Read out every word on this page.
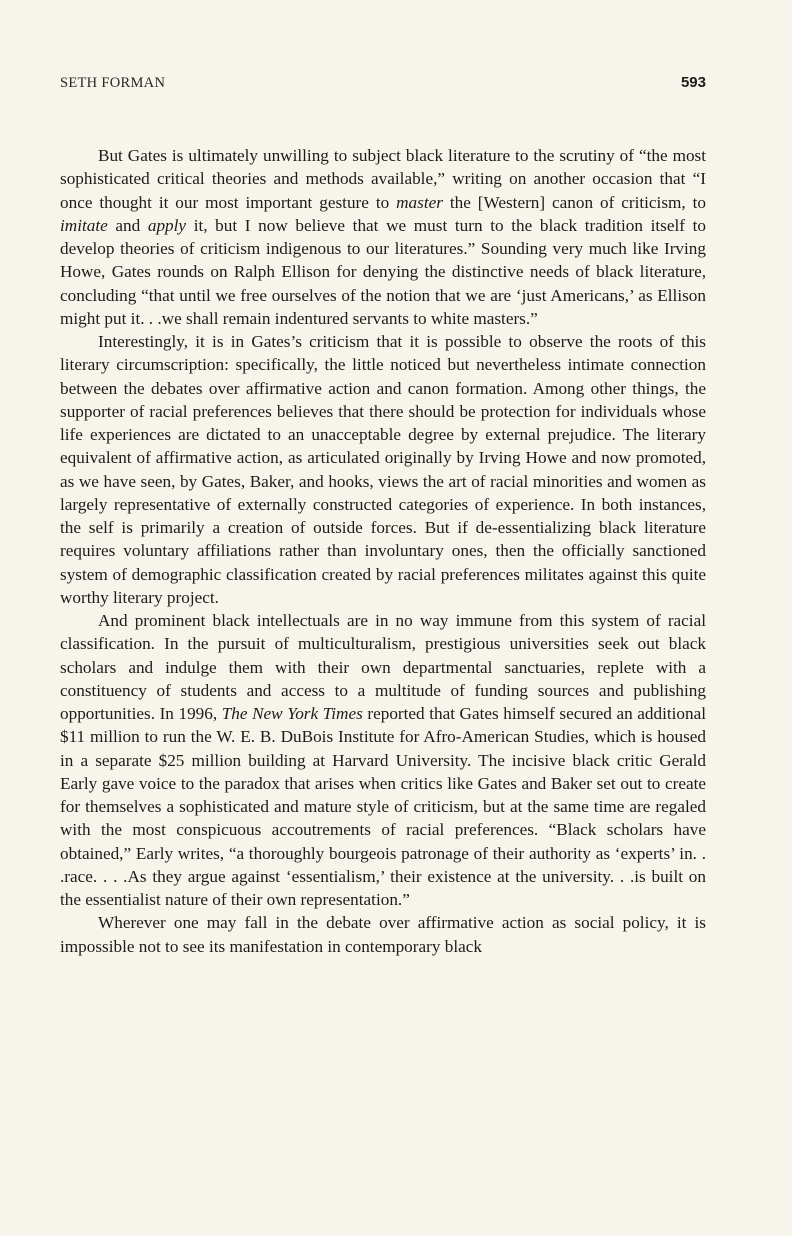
SETH FORMAN	593

But Gates is ultimately unwilling to subject black literature to the scrutiny of “the most sophisticated critical theories and methods available,” writing on another occasion that “I once thought it our most important gesture to master the [Western] canon of criticism, to imitate and apply it, but I now believe that we must turn to the black tradition itself to develop theories of criticism indigenous to our literatures.” Sounding very much like Irving Howe, Gates rounds on Ralph Ellison for denying the distinctive needs of black literature, concluding “that until we free ourselves of the notion that we are ‘just Americans,’ as Ellison might put it. . .we shall remain indentured servants to white masters.”

Interestingly, it is in Gates’s criticism that it is possible to observe the roots of this literary circumscription: specifically, the little noticed but nevertheless intimate connection between the debates over affirmative action and canon formation. Among other things, the supporter of racial preferences believes that there should be protection for individuals whose life experiences are dictated to an unacceptable degree by external prejudice. The literary equivalent of affirmative action, as articulated originally by Irving Howe and now promoted, as we have seen, by Gates, Baker, and hooks, views the art of racial minorities and women as largely representative of externally constructed categories of experience. In both instances, the self is primarily a creation of outside forces. But if de-essentializing black literature requires voluntary affiliations rather than involuntary ones, then the officially sanctioned system of demographic classification created by racial preferences militates against this quite worthy literary project.

And prominent black intellectuals are in no way immune from this system of racial classification. In the pursuit of multiculturalism, prestigious universities seek out black scholars and indulge them with their own departmental sanctuaries, replete with a constituency of students and access to a multitude of funding sources and publishing opportunities. In 1996, The New York Times reported that Gates himself secured an additional $11 million to run the W. E. B. DuBois Institute for Afro-American Studies, which is housed in a separate $25 million building at Harvard University. The incisive black critic Gerald Early gave voice to the paradox that arises when critics like Gates and Baker set out to create for themselves a sophisticated and mature style of criticism, but at the same time are regaled with the most conspicuous accoutrements of racial preferences. “Black scholars have obtained,” Early writes, “a thoroughly bourgeois patronage of their authority as ‘experts’ in. . .race. . . .As they argue against ‘essentialism,’ their existence at the university. . .is built on the essentialist nature of their own representation.”

Wherever one may fall in the debate over affirmative action as social policy, it is impossible not to see its manifestation in contemporary black
